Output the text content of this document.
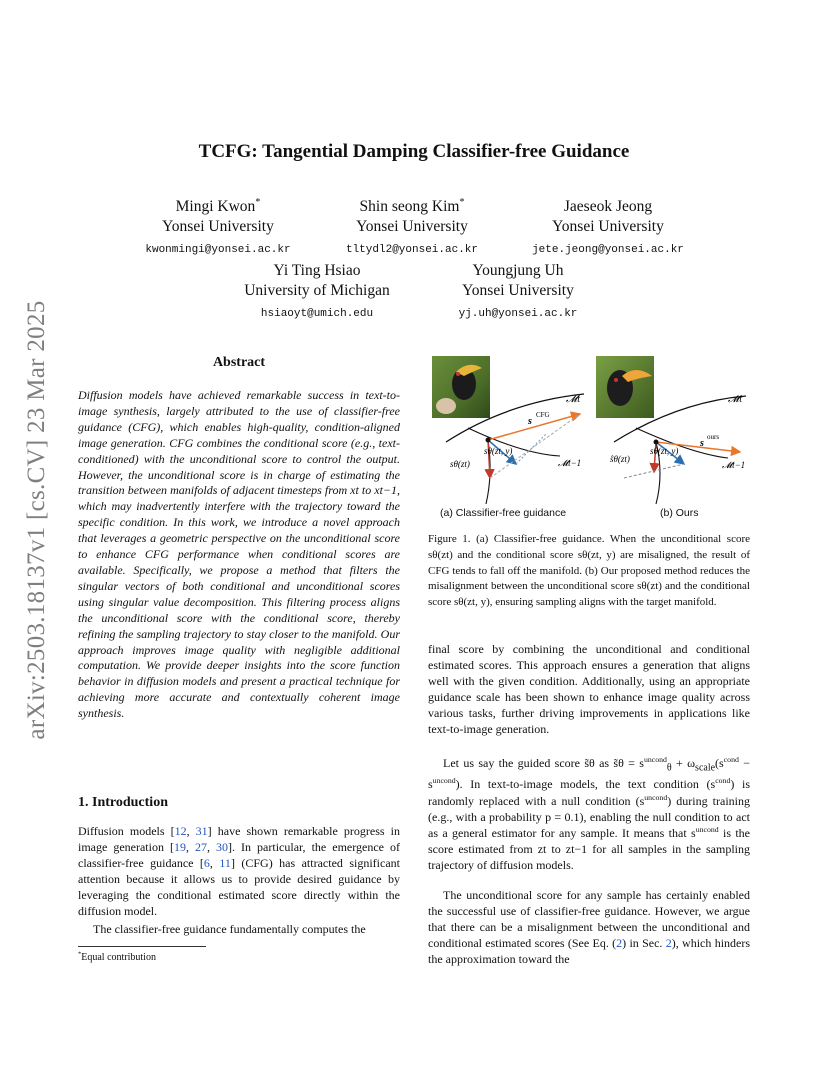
arXiv:2503.18137v1 [cs.CV] 23 Mar 2025
TCFG: Tangential Damping Classifier-free Guidance
Mingi Kwon*
Yonsei University
kwonmingi@yonsei.ac.kr
Shin seong Kim*
Yonsei University
tltydl2@yonsei.ac.kr
Jaeseok Jeong
Yonsei University
jete.jeong@yonsei.ac.kr
Yi Ting Hsiao
University of Michigan
hsiaoyt@umich.edu
Youngjung Uh
Yonsei University
yj.uh@yonsei.ac.kr
Abstract
Diffusion models have achieved remarkable success in text-to-image synthesis, largely attributed to the use of classifier-free guidance (CFG), which enables high-quality, condition-aligned image generation. CFG combines the conditional score (e.g., text-conditioned) with the unconditional score to control the output. However, the unconditional score is in charge of estimating the transition between manifolds of adjacent timesteps from xt to xt−1, which may inadvertently interfere with the trajectory toward the specific condition. In this work, we introduce a novel approach that leverages a geometric perspective on the unconditional score to enhance CFG performance when conditional scores are available. Specifically, we propose a method that filters the singular vectors of both conditional and unconditional scores using singular value decomposition. This filtering process aligns the unconditional score with the conditional score, thereby refining the sampling trajectory to stay closer to the manifold. Our approach improves image quality with negligible additional computation. We provide deeper insights into the score function behavior in diffusion models and present a practical technique for achieving more accurate and contextually coherent image synthesis.
1. Introduction
Diffusion models [12, 31] have shown remarkable progress in image generation [19, 27, 30]. In particular, the emergence of classifier-free guidance [6, 11] (CFG) has attracted significant attention because it allows us to provide desired guidance by leveraging the conditional estimated score directly within the diffusion model.
The classifier-free guidance fundamentally computes the
*Equal contribution
𝓜t
s
CFG
sθ(zt, y)
sθ(zt)	𝓜t−1
𝓜t
s
ours
sθ(zt, y)
ŝθ(zt)
𝓜t−1
(a) Classifier-free guidance	(b) Ours
Figure 1. (a) Classifier-free guidance. When the unconditional score sθ(zt) and the conditional score sθ(zt, y) are misaligned, the result of CFG tends to fall off the manifold. (b) Our proposed method reduces the misalignment between the unconditional score sθ(zt) and the conditional score sθ(zt, y), ensuring sampling aligns with the target manifold.
final score by combining the unconditional and conditional estimated scores. This approach ensures a generation that aligns well with the given condition. Additionally, using an appropriate guidance scale has been shown to enhance image quality across various tasks, further driving improvements in applications like text-to-image generation.
Let us say the guided score s̃θ as s̃θ = $s^{uncond}_\theta + \omega_{scale}(s^{cond} - s^{uncond})$. In text-to-image models, the text condition $(s^{cond})$ is randomly replaced with a null condition $(s^{uncond})$ during training (e.g., with a probability p = 0.1), enabling the null condition to act as a general estimator for any sample. It means that $s^{uncond}$ is the score estimated from zt to zt−1 for all samples in the sampling trajectory of diffusion models.
The unconditional score for any sample has certainly enabled the successful use of classifier-free guidance. However, we argue that there can be a misalignment between the unconditional and conditional estimated scores (See Eq. (2) in Sec. 2), which hinders the approximation toward the
